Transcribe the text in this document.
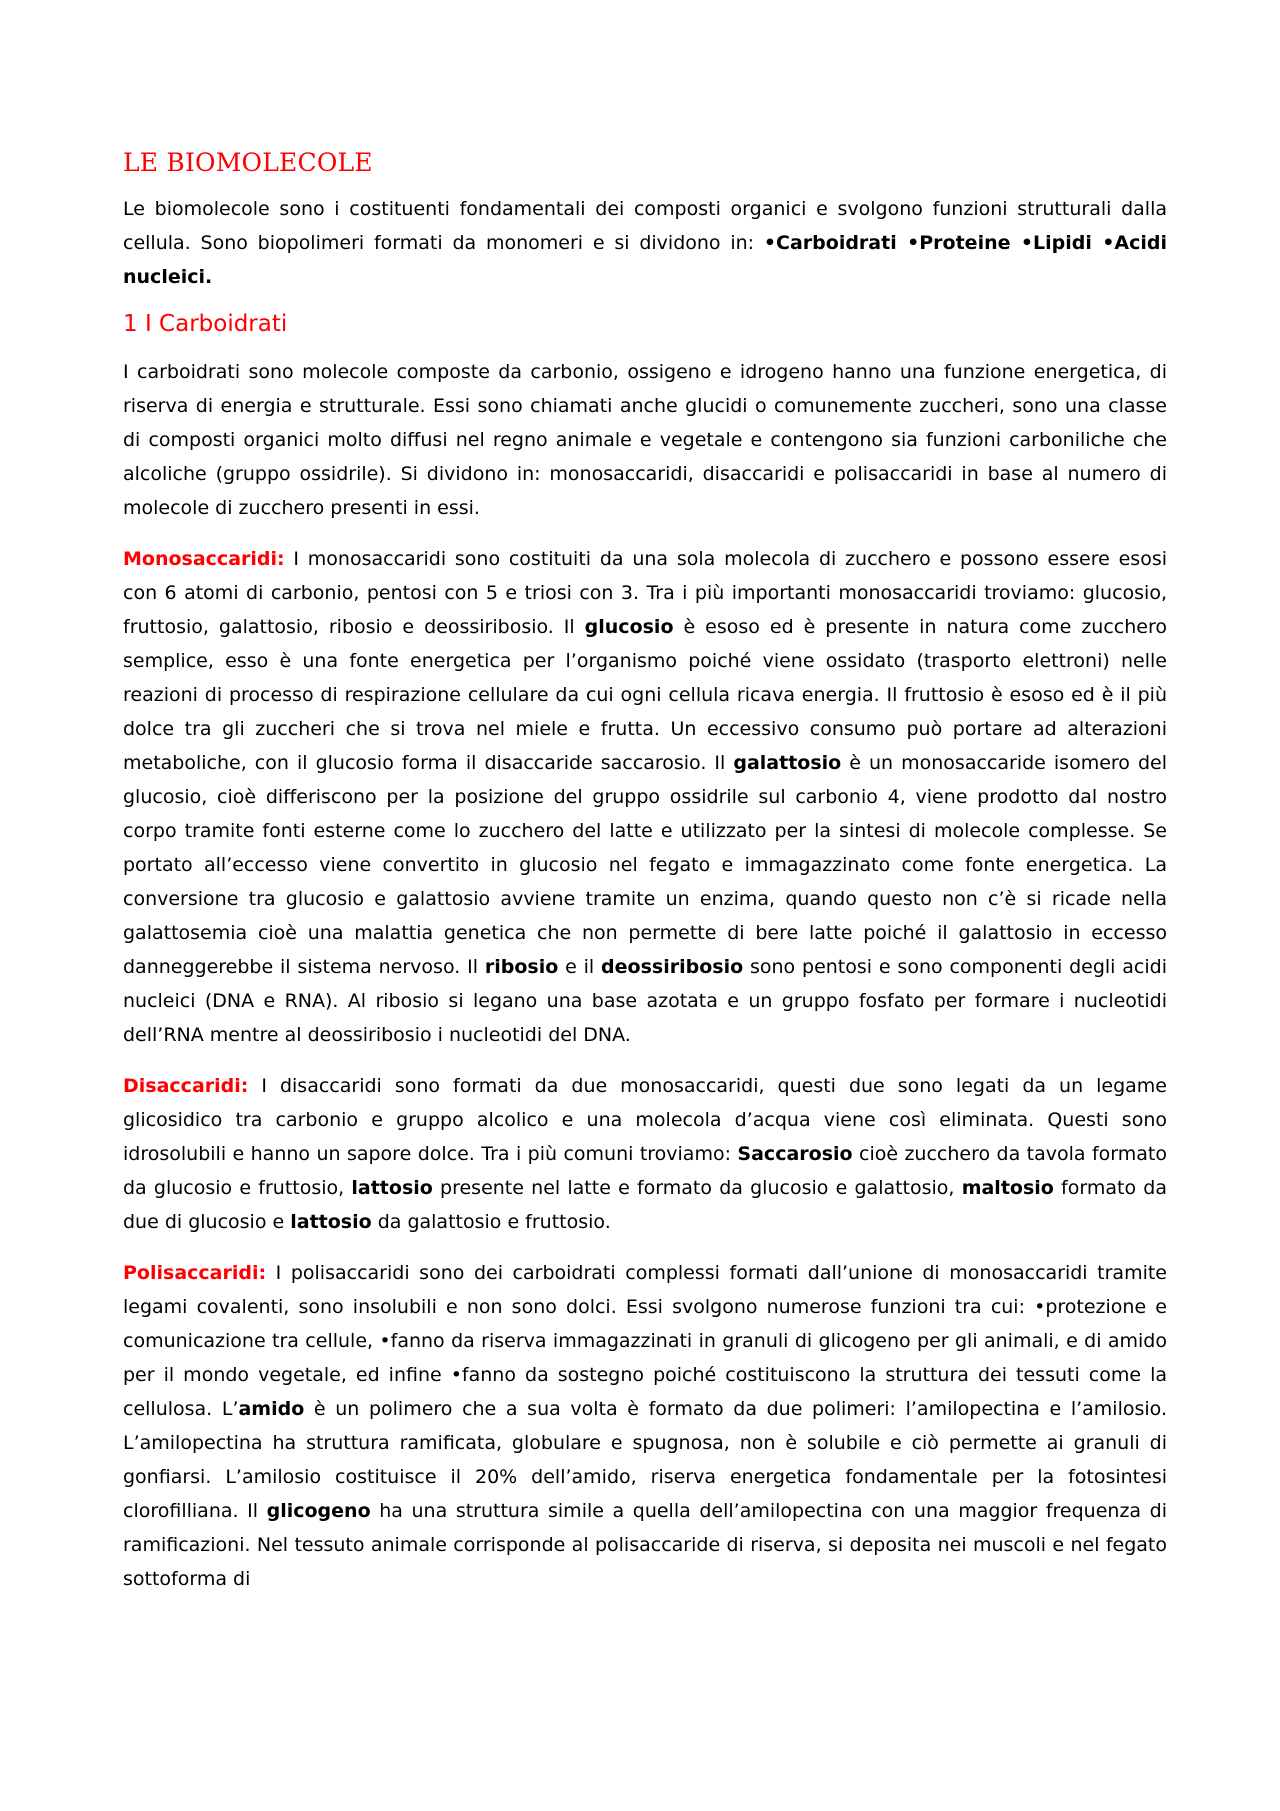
LE BIOMOLECOLE

Le biomolecole sono i costituenti fondamentali dei composti organici e svolgono funzioni strutturali dalla cellula. Sono biopolimeri formati da monomeri e si dividono in: •Carboidrati •Proteine •Lipidi •Acidi nucleici.

1 I Carboidrati

I carboidrati sono molecole composte da carbonio, ossigeno e idrogeno hanno una funzione energetica, di riserva di energia e strutturale. Essi sono chiamati anche glucidi o comunemente zuccheri, sono una classe di composti organici molto diffusi nel regno animale e vegetale e contengono sia funzioni carboniliche che alcoliche (gruppo ossidrile). Si dividono in: monosaccaridi, disaccaridi e polisaccaridi in base al numero di molecole di zucchero presenti in essi.

Monosaccaridi: I monosaccaridi sono costituiti da una sola molecola di zucchero e possono essere esosi con 6 atomi di carbonio, pentosi con 5 e triosi con 3. Tra i più importanti monosaccaridi troviamo: glucosio, fruttosio, galattosio, ribosio e deossiribosio. Il glucosio è esoso ed è presente in natura come zucchero semplice, esso è una fonte energetica per l’organismo poiché viene ossidato (trasporto elettroni) nelle reazioni di processo di respirazione cellulare da cui ogni cellula ricava energia. Il fruttosio è esoso ed è il più dolce tra gli zuccheri che si trova nel miele e frutta. Un eccessivo consumo può portare ad alterazioni metaboliche, con il glucosio forma il disaccaride saccarosio. Il galattosio è un monosaccaride isomero del glucosio, cioè differiscono per la posizione del gruppo ossidrile sul carbonio 4, viene prodotto dal nostro corpo tramite fonti esterne come lo zucchero del latte e utilizzato per la sintesi di molecole complesse. Se portato all’eccesso viene convertito in glucosio nel fegato e immagazzinato come fonte energetica. La conversione tra glucosio e galattosio avviene tramite un enzima, quando questo non c’è si ricade nella galattosemia cioè una malattia genetica che non permette di bere latte poiché il galattosio in eccesso danneggerebbe il sistema nervoso. Il ribosio e il deossiribosio sono pentosi e sono componenti degli acidi nucleici (DNA e RNA). Al ribosio si legano una base azotata e un gruppo fosfato per formare i nucleotidi dell’RNA mentre al deossiribosio i nucleotidi del DNA.

Disaccaridi: I disaccaridi sono formati da due monosaccaridi, questi due sono legati da un legame glicosidico tra carbonio e gruppo alcolico e una molecola d’acqua viene così eliminata. Questi sono idrosolubili e hanno un sapore dolce. Tra i più comuni troviamo: Saccarosio cioè zucchero da tavola formato da glucosio e fruttosio, lattosio presente nel latte e formato da glucosio e galattosio, maltosio formato da due di glucosio e lattosio da galattosio e fruttosio.

Polisaccaridi: I polisaccaridi sono dei carboidrati complessi formati dall’unione di monosaccaridi tramite legami covalenti, sono insolubili e non sono dolci. Essi svolgono numerose funzioni tra cui: •protezione e comunicazione tra cellule, •fanno da riserva immagazzinati in granuli di glicogeno per gli animali, e di amido per il mondo vegetale, ed infine •fanno da sostegno poiché costituiscono la struttura dei tessuti come la cellulosa. L’amido è un polimero che a sua volta è formato da due polimeri: l’amilopectina e l’amilosio. L’amilopectina ha struttura ramificata, globulare e spugnosa, non è solubile e ciò permette ai granuli di gonfiarsi. L’amilosio costituisce il 20% dell’amido, riserva energetica fondamentale per la fotosintesi clorofilliana. Il glicogeno ha una struttura simile a quella dell’amilopectina con una maggior frequenza di ramificazioni. Nel tessuto animale corrisponde al polisaccaride di riserva, si deposita nei muscoli e nel fegato sottoforma di
